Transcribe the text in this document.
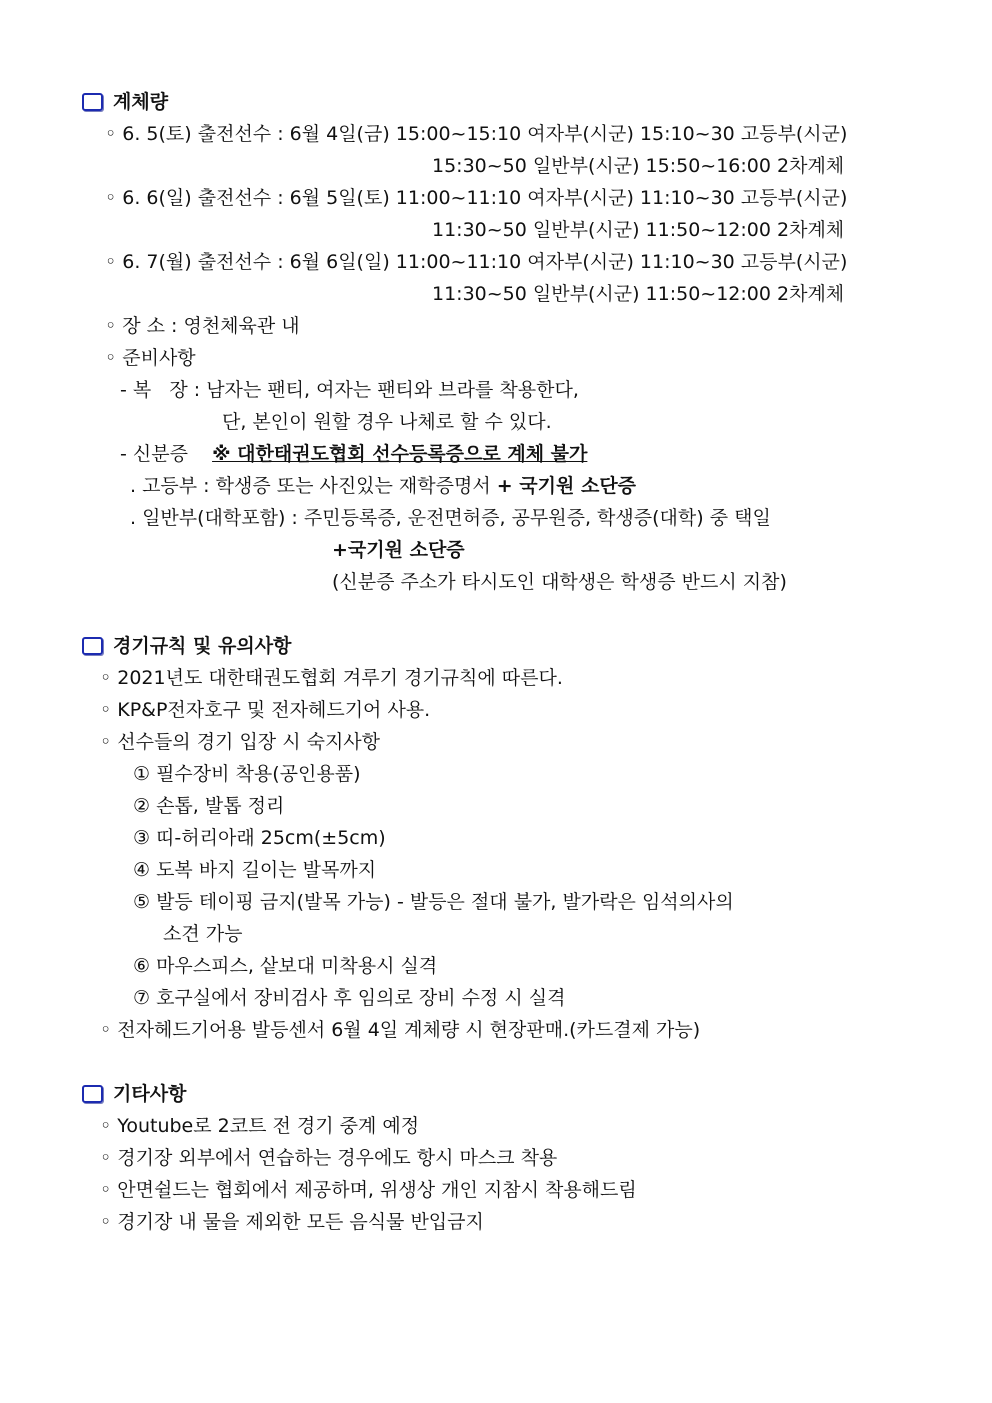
계체량
◦ 6. 5(토) 출전선수 : 6월 4일(금) 15:00~15:10 여자부(시군) 15:10~30 고등부(시군)
15:30~50 일반부(시군) 15:50~16:00 2차계체
◦ 6. 6(일) 출전선수 : 6월 5일(토) 11:00~11:10 여자부(시군) 11:10~30 고등부(시군)
11:30~50 일반부(시군) 11:50~12:00 2차계체
◦ 6. 7(월) 출전선수 : 6월 6일(일) 11:00~11:10 여자부(시군) 11:10~30 고등부(시군)
11:30~50 일반부(시군) 11:50~12:00 2차계체
◦ 장 소 : 영천체육관 내
◦ 준비사항
- 복   장 : 남자는 팬티, 여자는 팬티와 브라를 착용한다,
단, 본인이 원할 경우 나체로 할 수 있다.
- 신분증 ※ 대한태권도협회 선수등록증으로 계체 불가
. 고등부 : 학생증 또는 사진있는 재학증명서 + 국기원 소단증
. 일반부(대학포함) : 주민등록증, 운전면허증, 공무원증, 학생증(대학) 중 택일
+국기원 소단증
(신분증 주소가 타시도인 대학생은 학생증 반드시 지참)
경기규칙 및 유의사항
◦ 2021년도 대한태권도협회 겨루기 경기규칙에 따른다.
◦ KP&P전자호구 및 전자헤드기어 사용.
◦ 선수들의 경기 입장 시 숙지사항
① 필수장비 착용(공인용품)
② 손톱, 발톱 정리
③ 띠-허리아래 25cm(±5cm)
④ 도복 바지 길이는 발목까지
⑤ 발등 테이핑 금지(발목 가능) - 발등은 절대 불가, 발가락은 임석의사의
소견 가능
⑥ 마우스피스, 샅보대 미착용시 실격
⑦ 호구실에서 장비검사 후 임의로 장비 수정 시 실격
◦ 전자헤드기어용 발등센서 6월 4일 계체량 시 현장판매.(카드결제 가능)
기타사항
◦ Youtube로 2코트 전 경기 중계 예정
◦ 경기장 외부에서 연습하는 경우에도 항시 마스크 착용
◦ 안면쉴드는 협회에서 제공하며, 위생상 개인 지참시 착용해드림
◦ 경기장 내 물을 제외한 모든 음식물 반입금지
